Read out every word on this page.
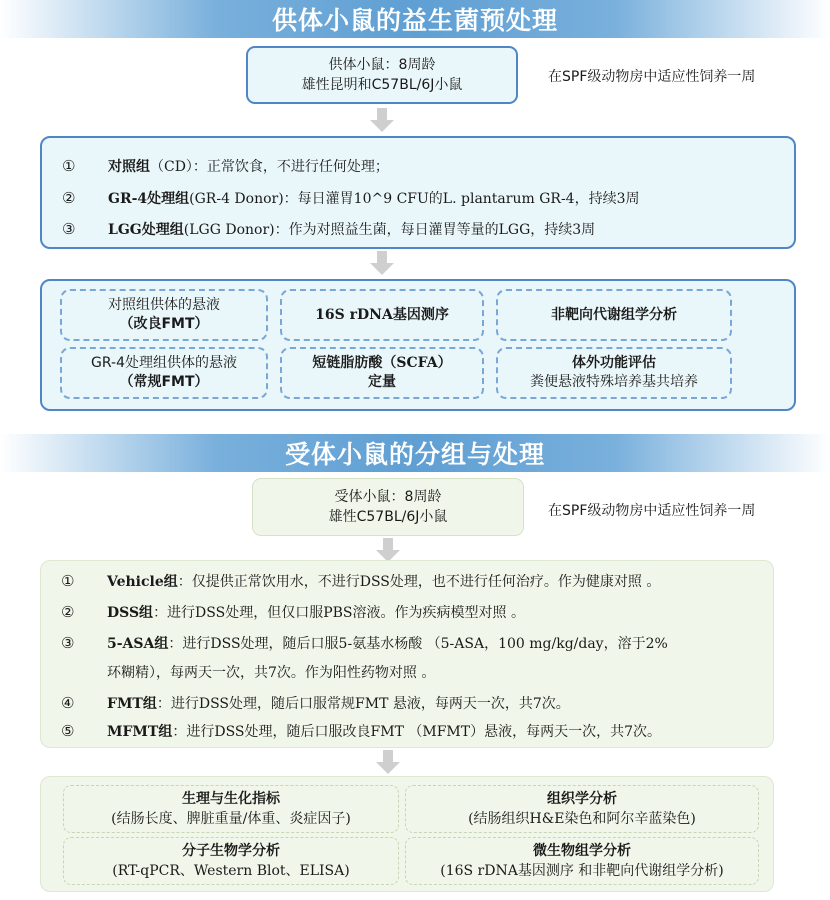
供体小鼠的益生菌预处理
供体小鼠：8周龄
雄性昆明和C57BL/6J小鼠	在SPF级动物房中适应性饲养一周
①	对照组 （CD）：正常饮食，不进行任何处理；
②	GR-4处理组 (GR-4 Donor)：每日灌胃10^9 CFU的L. plantarum GR-4，持续3周
③	LGG处理组 (LGG Donor)：作为对照益生菌，每日灌胃等量的LGG，持续3周
对照组供体的悬液
（改良FMT）
GR-4处理组供体的悬液
（常规FMT）
16S rDNA基因测序
短链脂肪酸（SCFA）
定量
非靶向代谢组学分析
体外功能评估
粪便悬液特殊培养基共培养
受体小鼠的分组与处理
受体小鼠：8周龄
雄性C57BL/6J小鼠	在SPF级动物房中适应性饲养一周
①	Vehicle组 ：仅提供正常饮用水，不进行DSS处理，也不进行任何治疗。作为健康对照 。
②	DSS组 ：进行DSS处理，但仅口服PBS溶液。作为疾病模型对照 。
③	5-ASA组 ：进行DSS处理，随后口服5-氨基水杨酸 （5-ASA，100 mg/kg/day，溶于2%
环糊精），每两天一次，共7次。作为阳性药物对照 。
④	FMT组 ：进行DSS处理，随后口服常规FMT 悬液，每两天一次，共7次。
⑤	MFMT组 ：进行DSS处理，随后口服改良FMT （MFMT）悬液，每两天一次，共7次。
生理与生化指标
(结肠长度、脾脏重量/体重、炎症因子)
组织学分析
(结肠组织H&E染色和阿尔辛蓝染色)
分子生物学分析
(RT-qPCR、Western Blot、ELISA)
微生物组学分析
(16S rDNA基因测序 和非靶向代谢组学分析)
